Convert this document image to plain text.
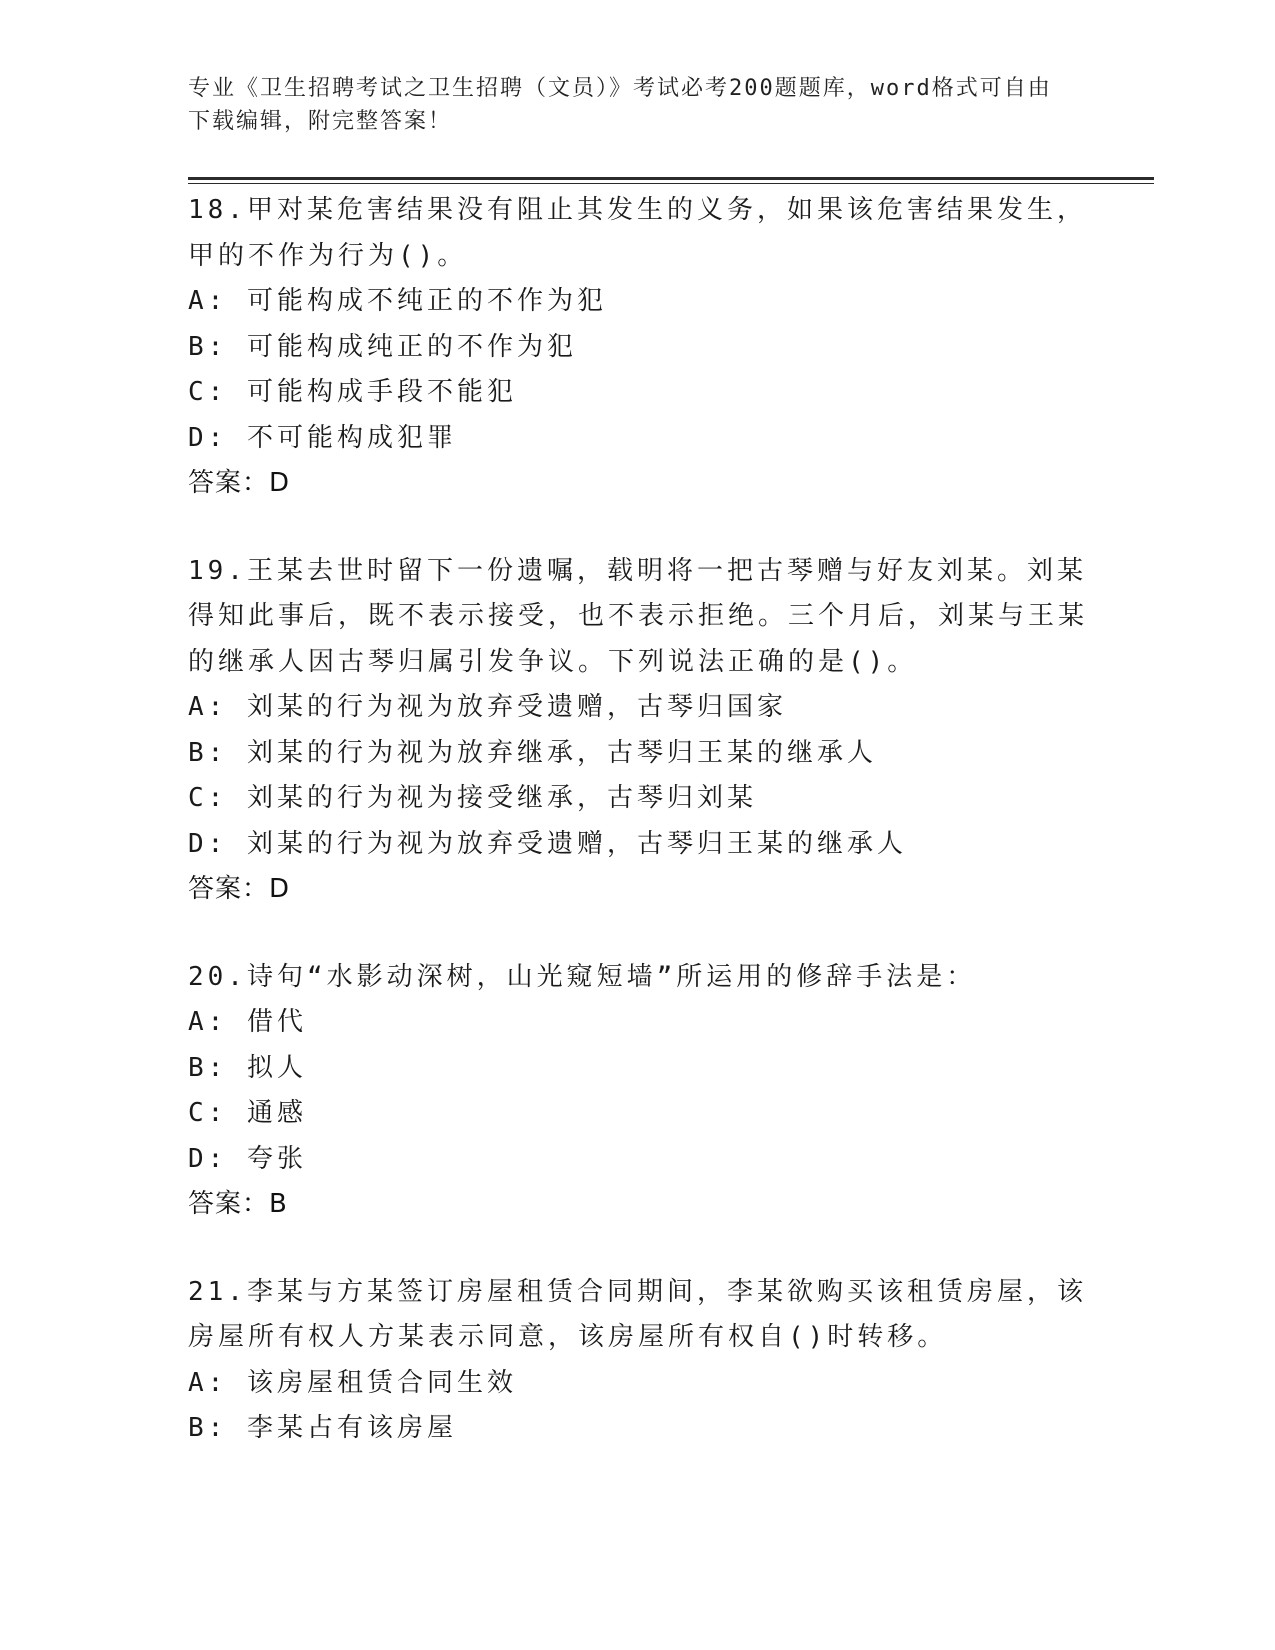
专业《卫生招聘考试之卫生招聘（文员）》考试必考200题题库，word格式可自由下载编辑，附完整答案！

18.甲对某危害结果没有阻止其发生的义务，如果该危害结果发生，甲的不作为行为()。

A: 可能构成不纯正的不作为犯
B: 可能构成纯正的不作为犯
C: 可能构成手段不能犯
D: 不可能构成犯罪
答案：D

19.王某去世时留下一份遗嘱，载明将一把古琴赠与好友刘某。刘某得知此事后，既不表示接受，也不表示拒绝。三个月后，刘某与王某的继承人因古琴归属引发争议。下列说法正确的是()。

A: 刘某的行为视为放弃受遗赠，古琴归国家
B: 刘某的行为视为放弃继承，古琴归王某的继承人
C: 刘某的行为视为接受继承，古琴归刘某
D: 刘某的行为视为放弃受遗赠，古琴归王某的继承人
答案：D

20.诗句“水影动深树，山光窥短墙”所运用的修辞手法是：

A: 借代
B: 拟人
C: 通感
D: 夸张
答案：B

21.李某与方某签订房屋租赁合同期间，李某欲购买该租赁房屋，该房屋所有权人方某表示同意，该房屋所有权自()时转移。

A: 该房屋租赁合同生效
B: 李某占有该房屋
